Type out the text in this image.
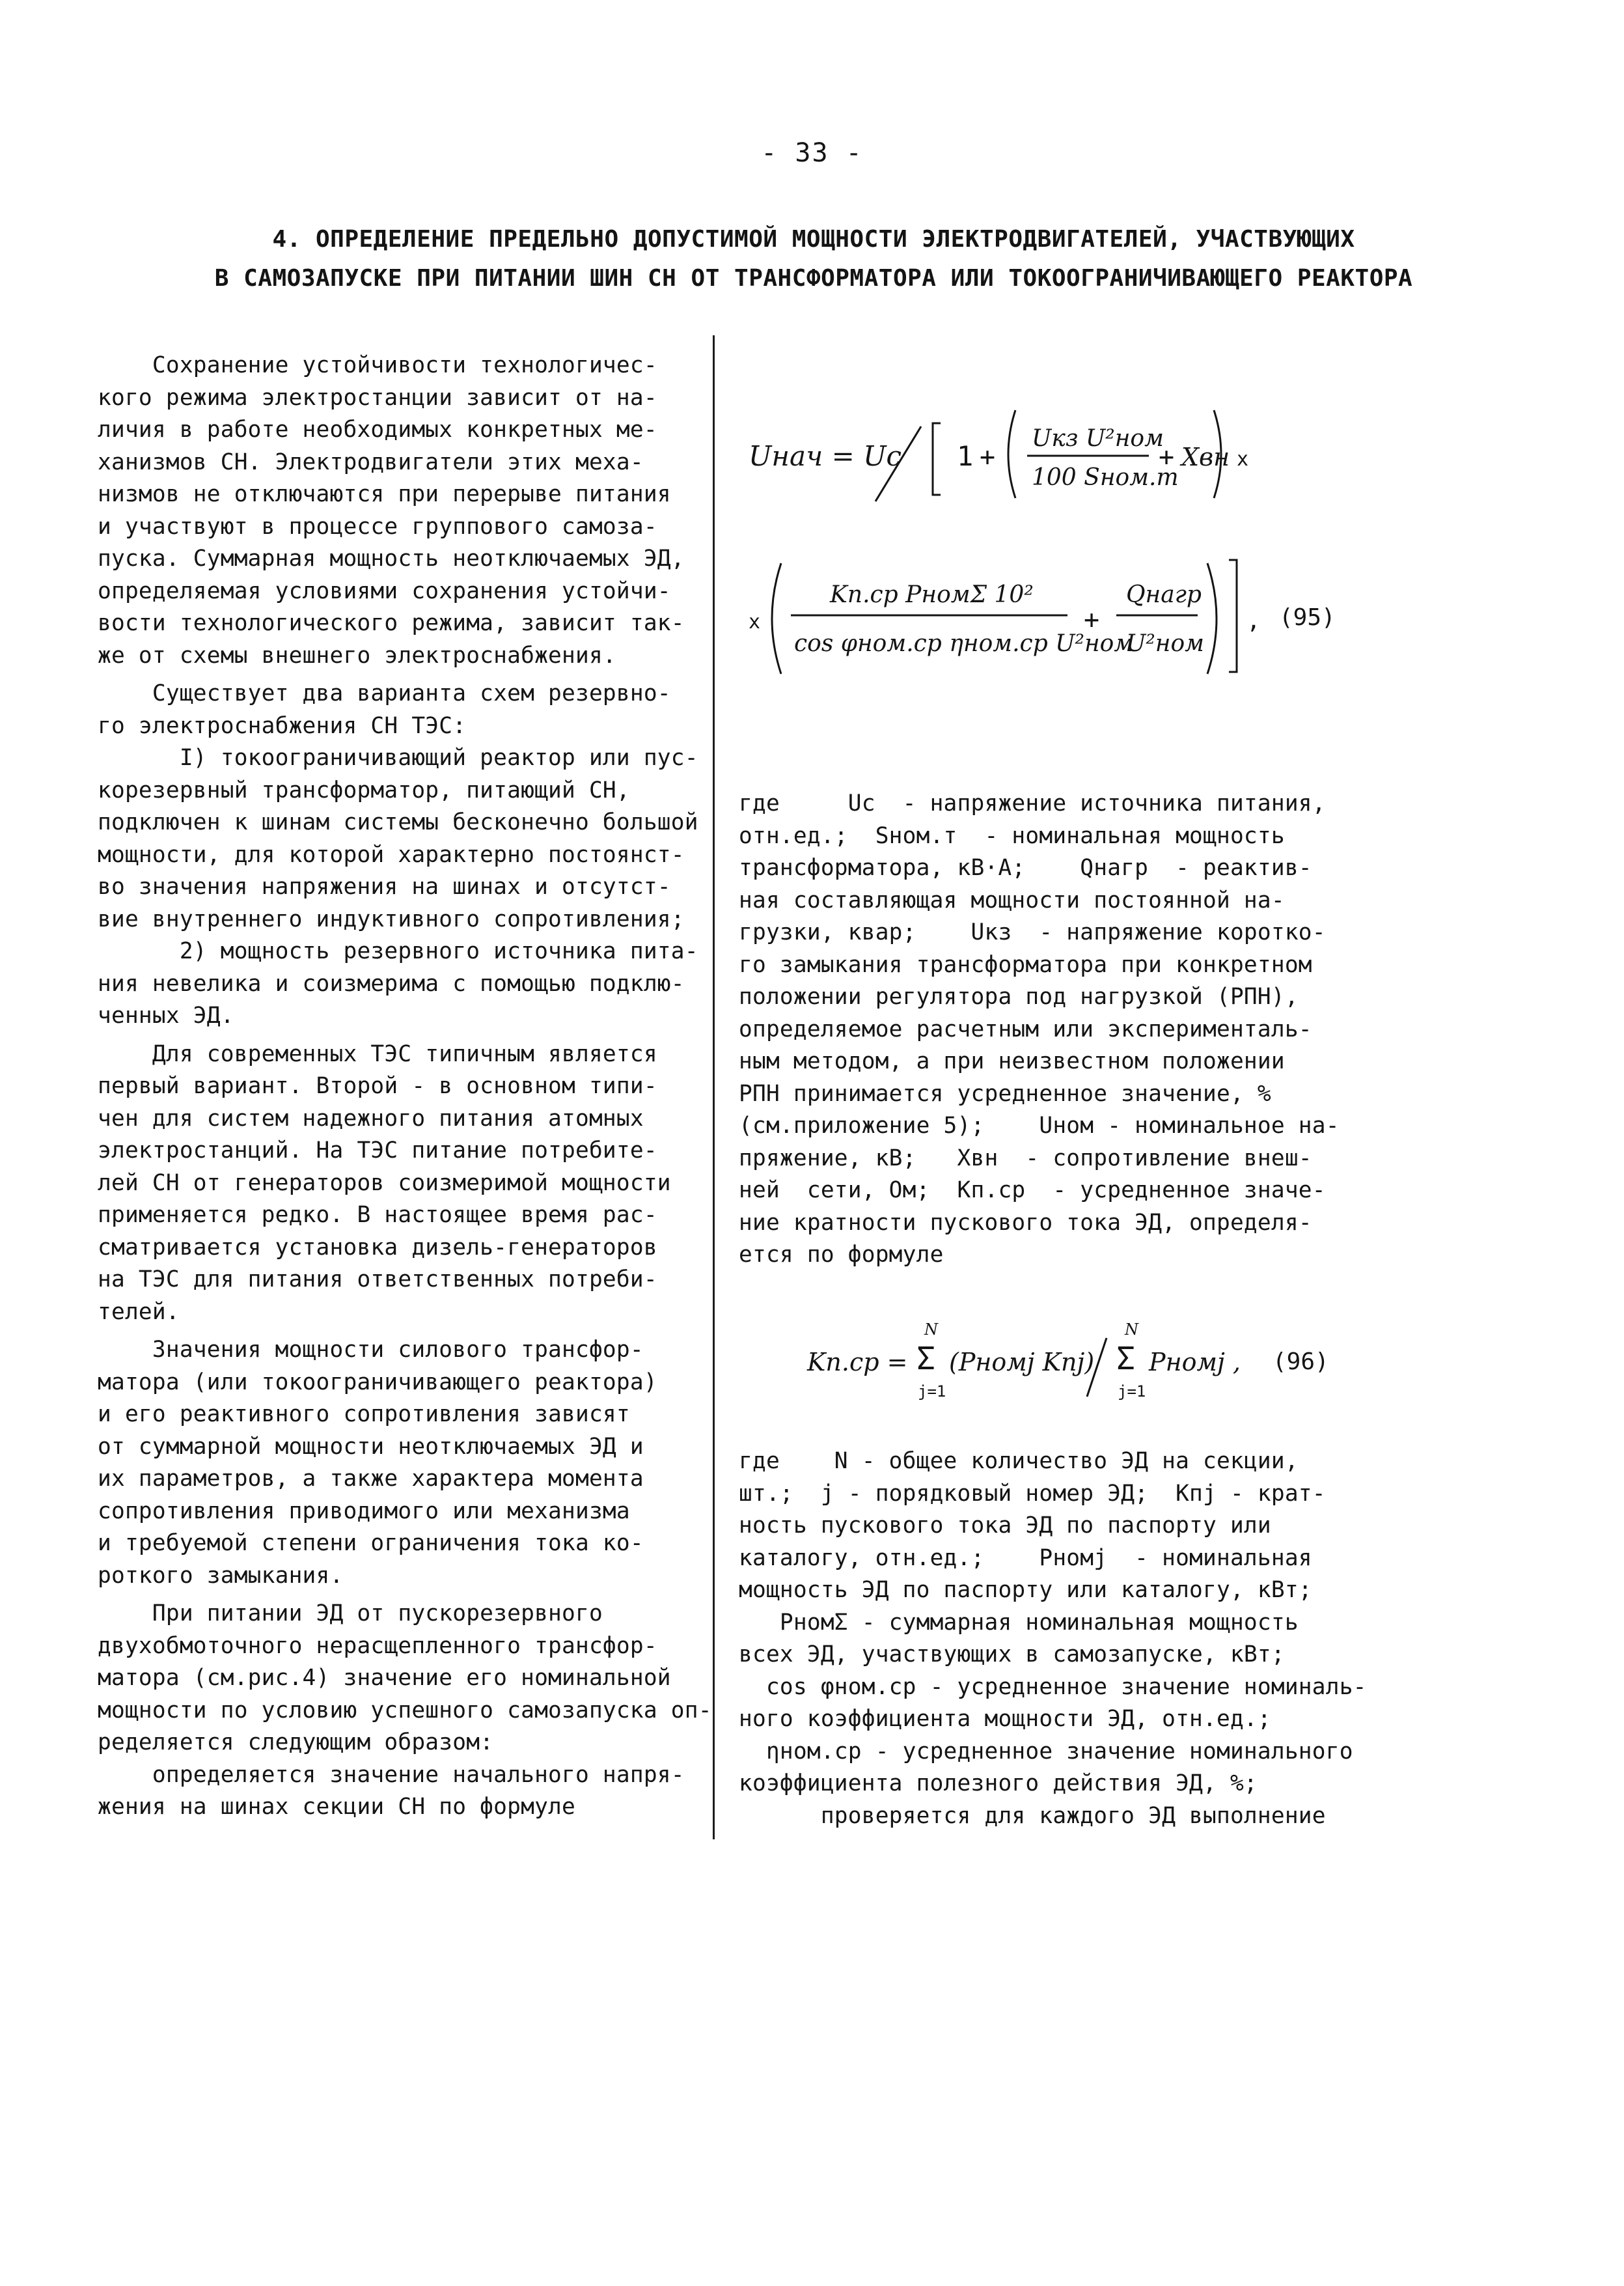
- 33 -
4. ОПРЕДЕЛЕНИЕ ПРЕДЕЛЬНО ДОПУСТИМОЙ МОЩНОСТИ ЭЛЕКТРОДВИГАТЕЛЕЙ, УЧАСТВУЮЩИХ
В САМОЗАПУСКЕ ПРИ ПИТАНИИ ШИН СН ОТ ТРАНСФОРМАТОРА ИЛИ ТОКООГРАНИЧИВАЮЩЕГО РЕАКТОРА
Сохранение устойчивости технологичес-
кого режима электростанции зависит от на-
личия в работе необходимых конкретных ме-
ханизмов СН. Электродвигатели этих меха-
низмов не отключаются при перерыве питания
и участвуют в процессе группового самоза-
пуска. Суммарная мощность неотключаемых ЭД,
определяемая условиями сохранения устойчи-
вости технологического режима, зависит так-
же от схемы внешнего электроснабжения.
Существует два варианта схем резервно-
го электроснабжения СН ТЭС:
I) токоограничивающий реактор или пус-
корезервный трансформатор, питающий СН,
подключен к шинам системы бесконечно большой
мощности, для которой характерно постоянст-
во значения напряжения на шинах и отсутст-
вие внутреннего индуктивного сопротивления;
2) мощность резервного источника пита-
ния невелика и соизмерима с помощью подклю-
ченных ЭД.
Для современных ТЭС типичным является
первый вариант. Второй - в основном типи-
чен для систем надежного питания атомных
электростанций. На ТЭС питание потребите-
лей СН от генераторов соизмеримой мощности
применяется редко. В настоящее время рас-
сматривается установка дизель-генераторов
на ТЭС для питания ответственных потреби-
телей.
Значения мощности силового трансфор-
матора (или токоограничивающего реактора)
и его реактивного сопротивления зависят
от суммарной мощности неотключаемых ЭД и
их параметров, а также характера момента
сопротивления приводимого или механизма
и требуемой степени ограничения тока ко-
роткого замыкания.
При питании ЭД от пускорезервного
двухобмоточного нерасщепленного трансфор-
матора (см.рис.4) значение его номинальной
мощности по условию успешного самозапуска оп-
ределяется следующим образом:
определяется значение начального напря-
жения на шинах секции СН по формуле
Uнач = Uс 1 +
Uкз U²ном
100 Sном.т
+ Xвн x
x
Kп.ср PномΣ 10²
cos φном.ср ηном.ср U²ном
+
Qнагр
U²ном
, (95)
где     Uс  - напряжение источника питания,
отн.ед.;  Sном.т  - номинальная мощность
трансформатора, кВ·А;    Qнагр  - реактив-
ная составляющая мощности постоянной на-
грузки, квар;    Uкз  - напряжение коротко-
го замыкания трансформатора при конкретном
положении регулятора под нагрузкой (РПН),
определяемое расчетным или эксперименталь-
ным методом, а при неизвестном положении
РПН принимается усредненное значение, %
(см.приложение 5);    Uном - номинальное на-
пряжение, кВ;   Xвн  - сопротивление внеш-
ней  сети, Ом;  Kп.ср  - усредненное значе-
ние кратности пускового тока ЭД, определя-
ется по формуле
Kп.ср =
N
Σ
j=1
(Pномj Kпj)
N
Σ
j=1
Pномj , (96)
где    N - общее количество ЭД на секции,
шт.;  j - порядковый номер ЭД;  Kпj - крат-
ность пускового тока ЭД по паспорту или
каталогу, отн.ед.;    Pномj  - номинальная
мощность ЭД по паспорту или каталогу, кВт;
PномΣ - суммарная номинальная мощность
всех ЭД, участвующих в самозапуске, кВт;
cos φном.ср - усредненное значение номиналь-
ного коэффициента мощности ЭД, отн.ед.;
ηном.ср - усредненное значение номинального
коэффициента полезного действия ЭД, %;
проверяется для каждого ЭД выполнение
